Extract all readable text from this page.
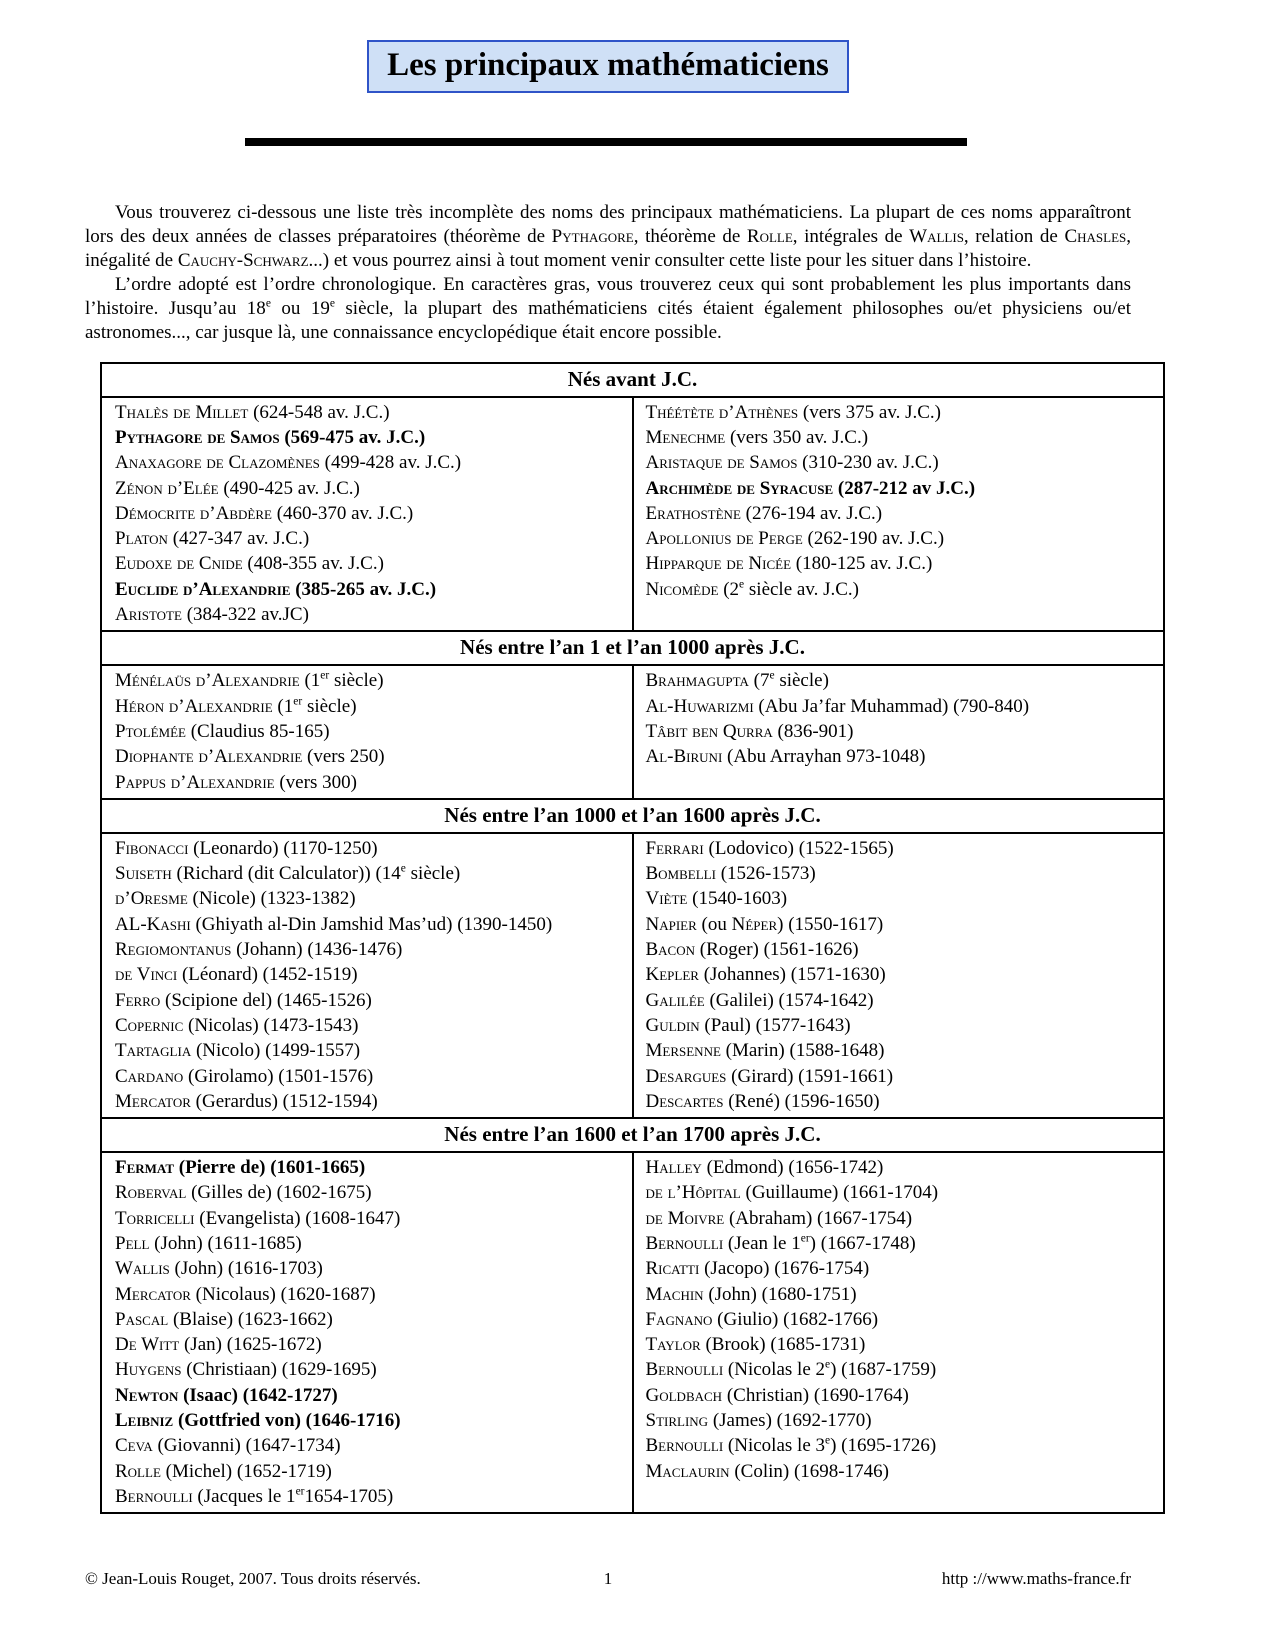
Les principaux mathématiciens

Vous trouverez ci-dessous une liste très incomplète des noms des principaux mathématiciens. La plupart de ces noms apparaîtront lors des deux années de classes préparatoires (théorème de Pythagore, théorème de Rolle, intégrales de Wallis, relation de Chasles, inégalité de Cauchy-Schwarz...) et vous pourrez ainsi à tout moment venir consulter cette liste pour les situer dans l’histoire.

L’ordre adopté est l’ordre chronologique. En caractères gras, vous trouverez ceux qui sont probablement les plus importants dans l’histoire. Jusqu’au 18e ou 19e siècle, la plupart des mathématiciens cités étaient également philosophes ou/et physiciens ou/et astronomes..., car jusque là, une connaissance encyclopédique était encore possible.

Nés avant J.C.	

Thalès de Millet (624-548 av. J.C.)
Pythagore de Samos (569-475 av. J.C.)
Anaxagore de Clazomènes (499-428 av. J.C.)
Zénon d’Elée (490-425 av. J.C.)
Démocrite d’Abdère (460-370 av. J.C.)
Platon (427-347 av. J.C.)
Eudoxe de Cnide (408-355 av. J.C.)
Euclide d’Alexandrie (385-265 av. J.C.)
Aristote (384-322 av.JC)

Théétète d’Athènes (vers 375 av. J.C.)
Menechme (vers 350 av. J.C.)
Aristaque de Samos (310-230 av. J.C.)
Archimède de Syracuse (287-212 av J.C.)
Erathostène (276-194 av. J.C.)
Apollonius de Perge (262-190 av. J.C.)
Hipparque de Nicée (180-125 av. J.C.)
Nicomède (2e siècle av. J.C.)

Nés entre l’an 1 et l’an 1000 après J.C.	

Ménélaüs d’Alexandrie (1er siècle)
Héron d’Alexandrie (1er siècle)
Ptolémée (Claudius 85-165)
Diophante d’Alexandrie (vers 250)
Pappus d’Alexandrie (vers 300)

Brahmagupta (7e siècle)
Al-Huwarizmi (Abu Ja’far Muhammad) (790-840)
Tâbit ben Qurra (836-901)
Al-Biruni (Abu Arrayhan 973-1048)

Nés entre l’an 1000 et l’an 1600 après J.C.	

Fibonacci (Leonardo) (1170-1250)
Suiseth (Richard (dit Calculator)) (14e siècle)
d’Oresme (Nicole) (1323-1382)
AL-Kashi (Ghiyath al-Din Jamshid Mas’ud) (1390-1450)
Regiomontanus (Johann) (1436-1476)
de Vinci (Léonard) (1452-1519)
Ferro (Scipione del) (1465-1526)
Copernic (Nicolas) (1473-1543)
Tartaglia (Nicolo) (1499-1557)
Cardano (Girolamo) (1501-1576)
Mercator (Gerardus) (1512-1594)

Ferrari (Lodovico) (1522-1565)
Bombelli (1526-1573)
Viète (1540-1603)
Napier (ou Néper) (1550-1617)
Bacon (Roger) (1561-1626)
Kepler (Johannes) (1571-1630)
Galilée (Galilei) (1574-1642)
Guldin (Paul) (1577-1643)
Mersenne (Marin) (1588-1648)
Desargues (Girard) (1591-1661)
Descartes (René) (1596-1650)

Nés entre l’an 1600 et l’an 1700 après J.C.	

Fermat (Pierre de) (1601-1665)
Roberval (Gilles de) (1602-1675)
Torricelli (Evangelista) (1608-1647)
Pell (John) (1611-1685)
Wallis (John) (1616-1703)
Mercator (Nicolaus) (1620-1687)
Pascal (Blaise) (1623-1662)
De Witt (Jan) (1625-1672)
Huygens (Christiaan) (1629-1695)
Newton (Isaac) (1642-1727)
Leibniz (Gottfried von) (1646-1716)
Ceva (Giovanni) (1647-1734)
Rolle (Michel) (1652-1719)
Bernoulli (Jacques le 1er1654-1705)

Halley (Edmond) (1656-1742)
de l’Hôpital (Guillaume) (1661-1704)
de Moivre (Abraham) (1667-1754)
Bernoulli (Jean le 1er) (1667-1748)
Ricatti (Jacopo) (1676-1754)
Machin (John) (1680-1751)
Fagnano (Giulio) (1682-1766)
Taylor (Brook) (1685-1731)
Bernoulli (Nicolas le 2e) (1687-1759)
Goldbach (Christian) (1690-1764)
Stirling (James) (1692-1770)
Bernoulli (Nicolas le 3e) (1695-1726)
Maclaurin (Colin) (1698-1746)
© Jean-Louis Rouget, 2007. Tous droits réservés.	1	http ://www.maths-france.fr
